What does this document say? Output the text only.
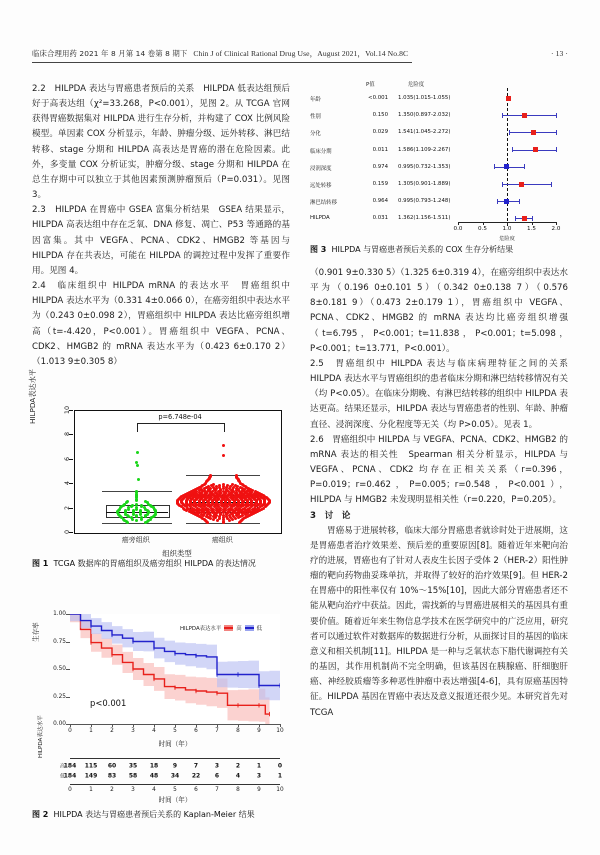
临床合理用药 2021 年 8 月第 14 卷第 8 期下 Chin J of Clinical Rational Drug Use，August 2021，Vol.14 No.8C	· 13 ·

2.2　HILPDA 表达与胃癌患者预后的关系　HILPDA 低表达组预后好于高表达组（χ²=33.268，P<0.001），见图 2。从 TCGA 官网获得胃癌数据集对 HILPDA 进行生存分析，并构建了 COX 比例风险模型。单因素 COX 分析显示，年龄、肿瘤分级、远外转移、淋巴结转移、stage 分期和 HILPDA 高表达是胃癌的潜在危险因素。此外，多变量 COX 分析证实，肿瘤分级、stage 分期和 HILPDA 在总生存期中可以独立于其他因素预测肿瘤预后（P=0.031）。见图 3。

2.3　HILPDA 在胃癌中 GSEA 富集分析结果　GSEA 结果显示，HILPDA 高表达组中存在乏氧、DNA 修复、凋亡、P53 等通路的基因富集。其中 VEGFA、PCNA、CDK2、HMGB2 等基因与 HILPDA 存在共表达，可能在 HILPDA 的调控过程中发挥了重要作用。见图 4。

2.4　临床组织中 HILPDA mRNA 的表达水平　胃癌组织中 HILPDA 表达水平为（0.331 4±0.066 0），在癌旁组织中表达水平为（0.243 0±0.098 2），胃癌组织中 HILPDA 表达比癌旁组织增高（t=-4.420，P<0.001）。胃癌组织中 VEGFA、PCNA、CDK2、HMGB2 的 mRNA 表达水平为（0.423 6±0.170 2）（1.013 9±0.305 8）

（0.901 9±0.330 5）（1.325 6±0.319 4），在癌旁组织中表达水平为（0.196 0±0.101 5）（0.342 0±0.138 7）（0.576 8±0.181 9）（0.473 2±0.179 1），胃癌组织中 VEGFA、PCNA、CDK2、HMGB2 的 mRNA 表达均比癌旁组织增强（t=6.795，P<0.001；t=11.838，P<0.001；t=5.098，P<0.001；t=13.771，P<0.001）。

2.5　胃癌组织中 HILPDA 表达与临床病理特征之间的关系　HILPDA 表达水平与胃癌组织的患者临床分期和淋巴结转移情况有关（均 P<0.05）。在临床分期晚、有淋巴结转移的组织中 HILPDA 表达更高。结果还显示，HILPDA 表达与胃癌患者的性别、年龄、肿瘤直径、浸润深度、分化程度等无关（均 P>0.05）。见表 1。

2.6　胃癌组织中 HILPDA 与 VEGFA、PCNA、CDK2、HMGB2 的 mRNA 表达的相关性　Spearman 相关分析显示，HILPDA 与 VEGFA、PCNA、CDK2 均存在正相关关系（r=0.396，P=0.019；r=0.462，P=0.005；r=0.548，P<0.001），HILPDA 与 HMGB2 未发现明显相关性（r=0.220，P=0.205）。

3　讨　论

胃癌易于进展转移，临床大部分胃癌患者就诊时处于进展期，这是胃癌患者治疗效果差、预后差的重要原因[8]。随着近年来靶向治疗的进展，胃癌也有了针对人表皮生长因子受体 2（HER-2）阳性肿瘤的靶向药物曲妥珠单抗，并取得了较好的治疗效果[9]。但 HER-2 在胃癌中的阳性率仅有 10%～15%[10]，因此大部分胃癌患者还不能从靶向治疗中获益。因此，需找新的与胃癌进展相关的基因具有重要价值。随着近年来生物信息学技术在医学研究中的广泛应用，研究者可以通过软件对数据库的数据进行分析，从面探讨目的基因的临床意义和相关机制[11]。HILPDA 是一种与乏氧状态下脂代谢调控有关的基因，其作用机制尚不完全明确，但该基因在胰腺癌、肝细胞肝癌、神经胶质瘤等多种恶性肿瘤中表达增强[4-6]，具有原癌基因特征。HILPDA 基因在胃癌中表达及意义报道还很少见。本研究首先对 TCGA

P值	危险度
年龄	<0.001 1.035(1.015-1.055)
性别	0.150 1.350(0.897-2.032)
分化	0.029 1.541(1.045-2.272)
临床分期	0.011 1.586(1.109-2.267)
浸润深度	0.974 0.995(0.732-1.353)
远处转移	0.159 1.305(0.901-1.889)
淋巴结转移	0.964 0.995(0.793-1.248)
HILPDA	0.031 1.362(1.156-1.511)
0.0	0.5	1.0	1.5	2.0
危险度
图 3 HILPDA 与胃癌患者预后关系的 COX 生存分析结果
HILPDA表达水平
0
2
4
6
8
10
p=6.748e-04
癌旁组织	癌组织
组织类型
图 1 TCGA 数据库的胃癌组织及癌旁组织 HILPDA 的表达情况
生存率
0.00
0.25
0.50
0.75
1.00
0	1	2	3	4	5	6	7	8	9	10
p<0.001
HILPDA表达水平	高	低
时间（年）
高
184 115 60 35 18 9	7	3	2	1	0
低
184 149 83 58 48 34 22 6	4	3	1
0	1	2	3	4	5	6	7	8	9	10
HILPDA表达水平
时间（年）
图 2 HILPDA 表达与胃癌患者预后关系的 Kaplan-Meier 结果
